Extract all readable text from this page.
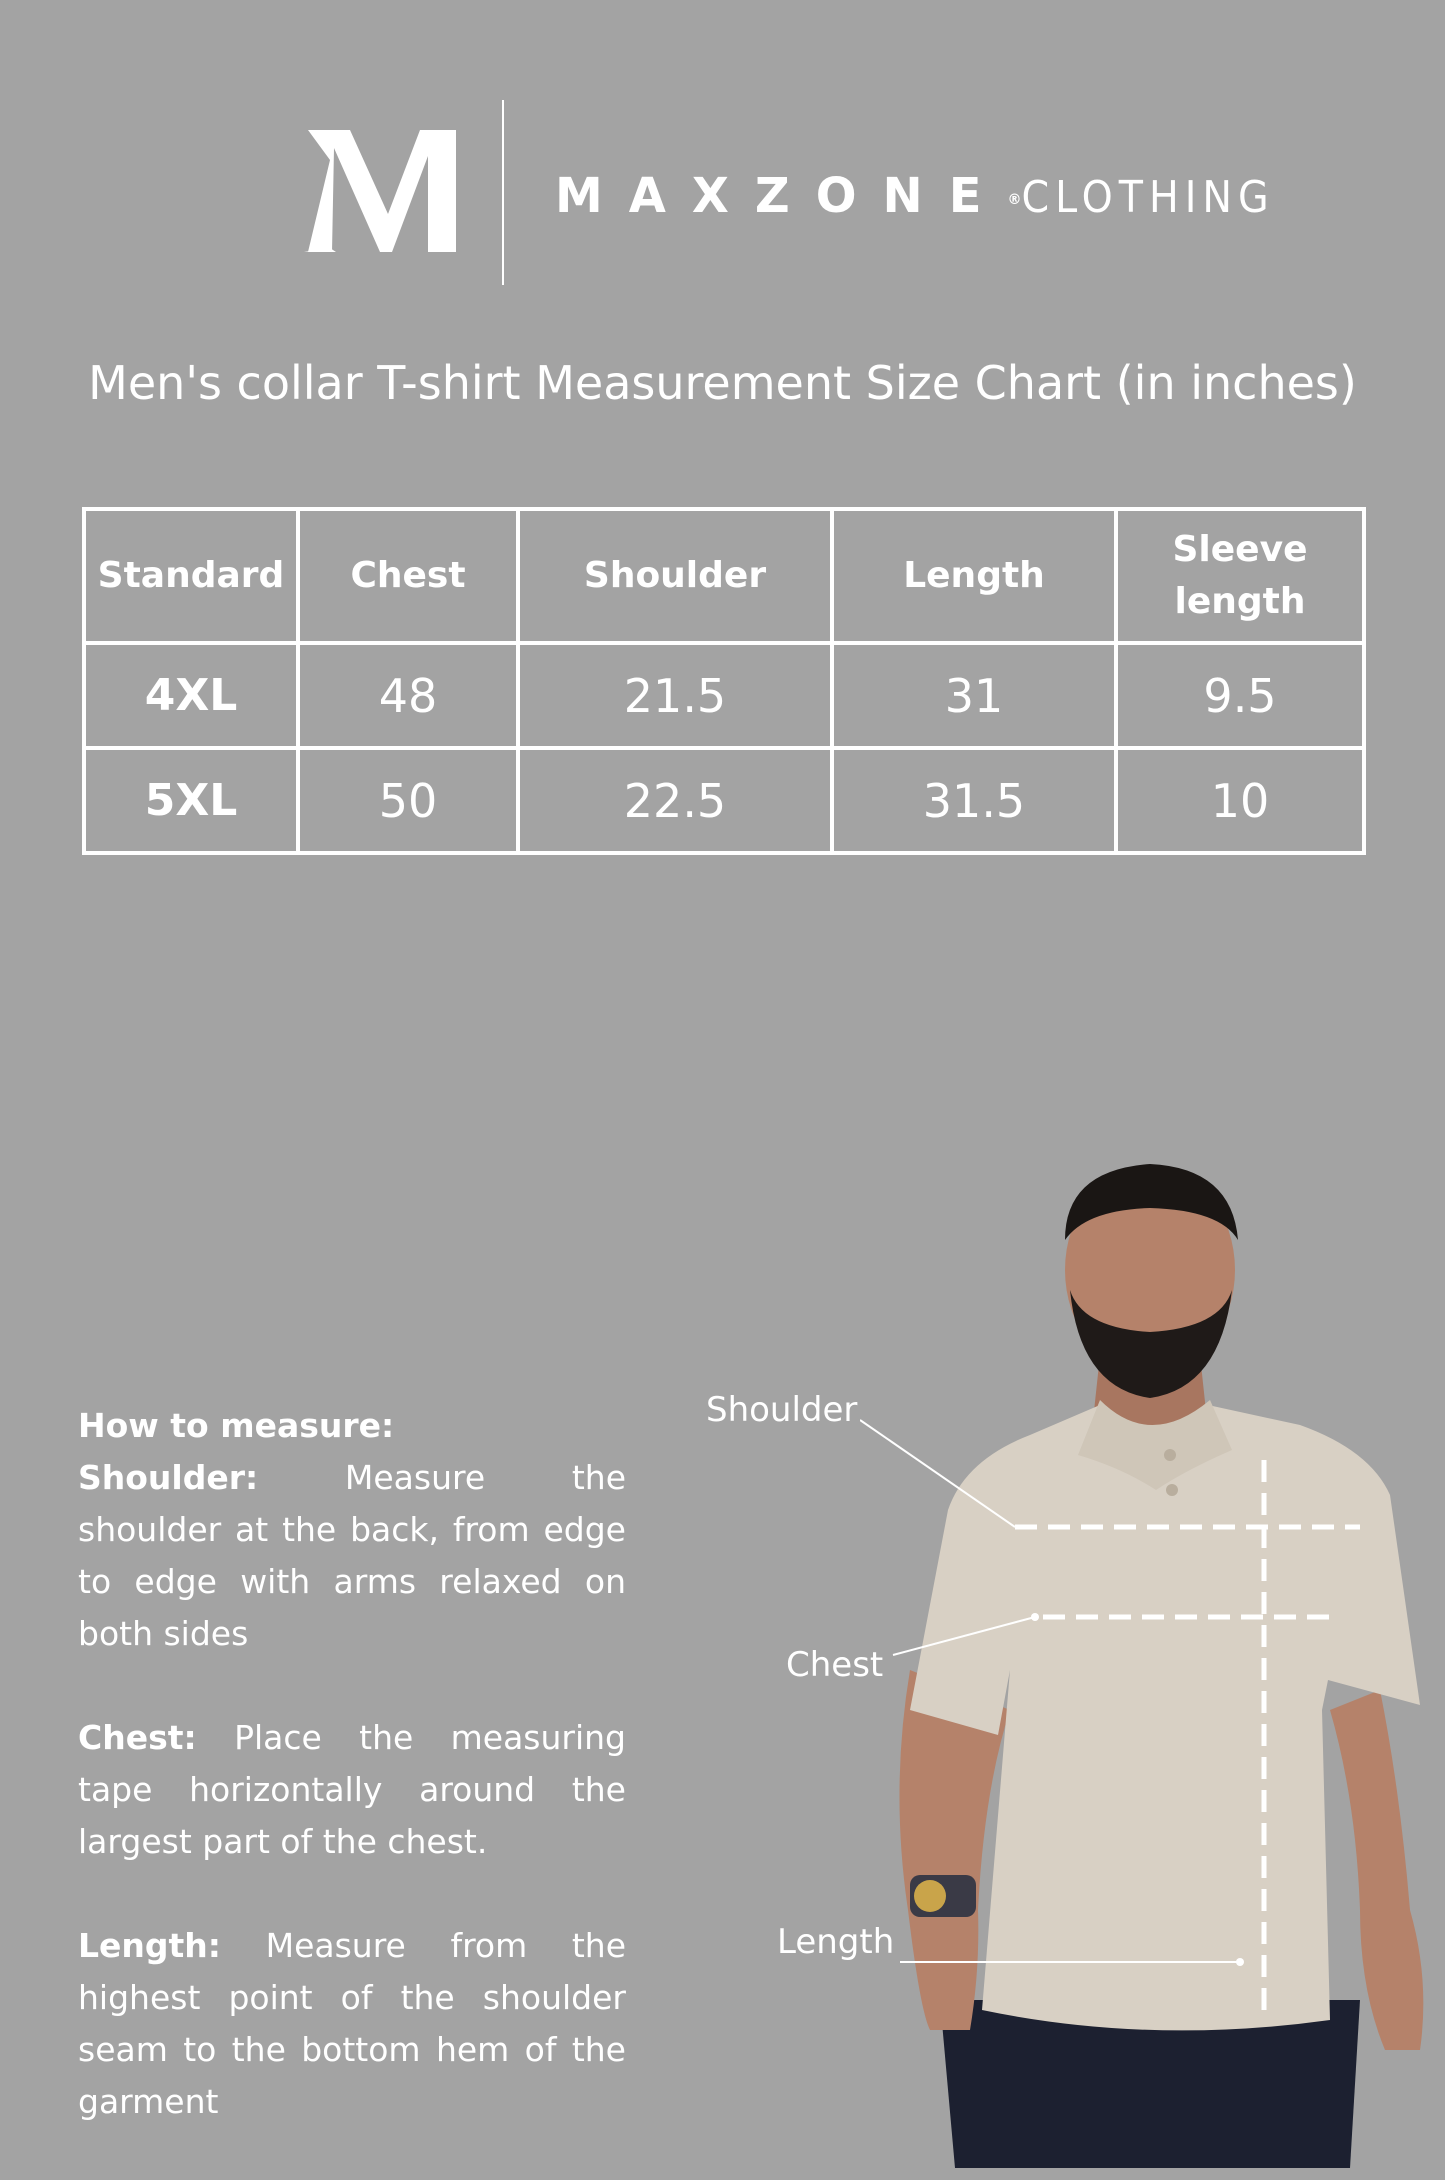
MAXZONE®CLOTHING
Men's collar T-shirt Measurement Size Chart (in inches)
Standard	Chest	Shoulder	Length	Sleeve length
4XL	48	21.5	31	9.5
5XL	50	22.5	31.5	10

How to measure:
Shoulder:	Measure the shoulder at the back, from edge to edge with arms relaxed on both sides

Chest: Place the measuring tape horizontally around the largest part of the chest.

Length: Measure from the highest point of the shoulder seam to the bottom hem of the garment

Shoulder
Chest
Length
